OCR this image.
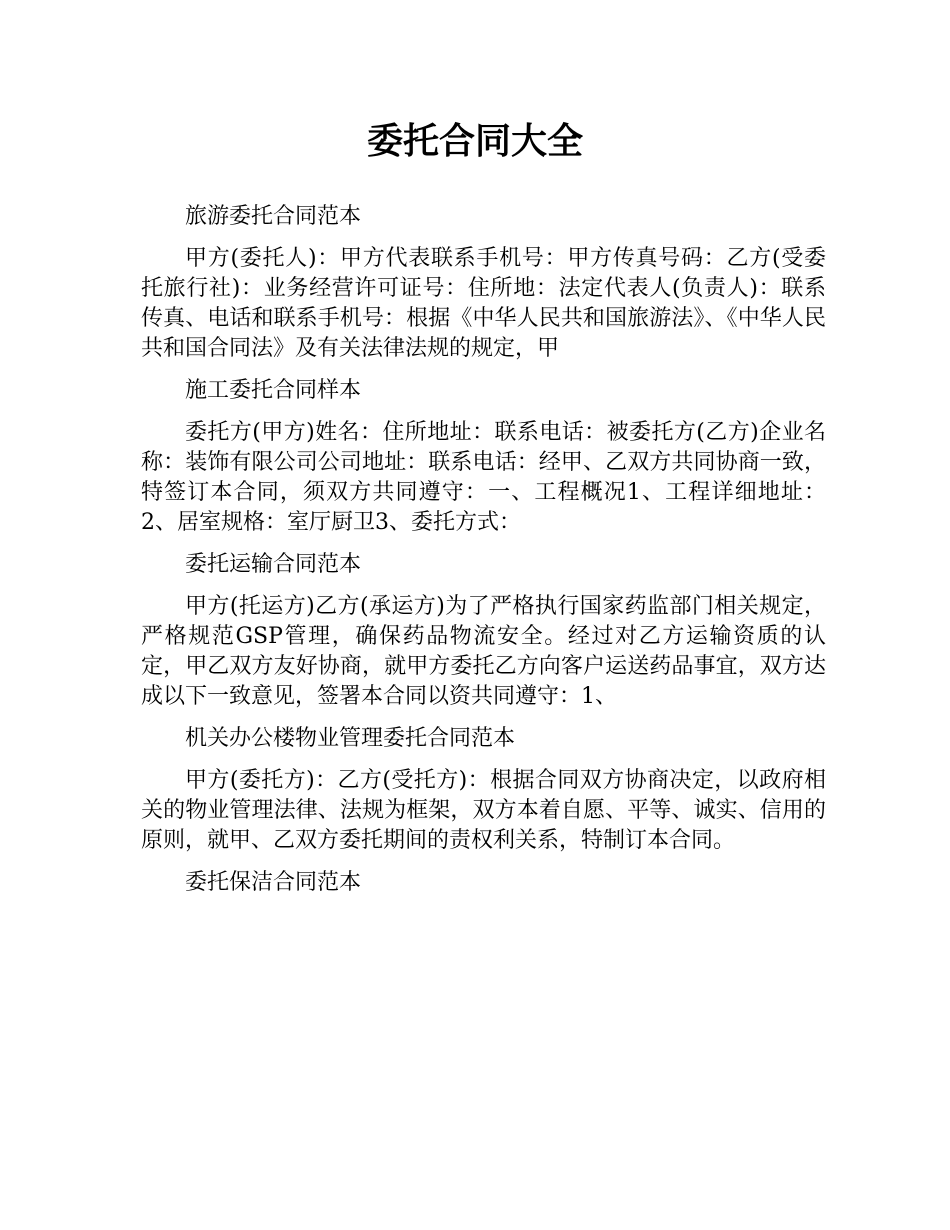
委托合同大全

旅游委托合同范本

甲方(委托人)：甲方代表联系手机号：甲方传真号码：乙方(受委托旅行社)：业务经营许可证号：住所地：法定代表人(负责人)：联系传真、电话和联系手机号：根据《中华人民共和国旅游法》、《中华人民共和国合同法》及有关法律法规的规定，甲

施工委托合同样本

委托方(甲方)姓名：住所地址：联系电话：被委托方(乙方)企业名称：装饰有限公司公司地址：联系电话：经甲、乙双方共同协商一致，特签订本合同，须双方共同遵守：一、工程概况1、工程详细地址：2、居室规格：室厅厨卫3、委托方式：

委托运输合同范本

甲方(托运方)乙方(承运方)为了严格执行国家药监部门相关规定，严格规范GSP管理，确保药品物流安全。经过对乙方运输资质的认定，甲乙双方友好协商，就甲方委托乙方向客户运送药品事宜，双方达成以下一致意见，签署本合同以资共同遵守：1、

机关办公楼物业管理委托合同范本

甲方(委托方)：乙方(受托方)：根据合同双方协商决定，以政府相关的物业管理法律、法规为框架，双方本着自愿、平等、诚实、信用的原则，就甲、乙双方委托期间的责权利关系，特制订本合同。

委托保洁合同范本
